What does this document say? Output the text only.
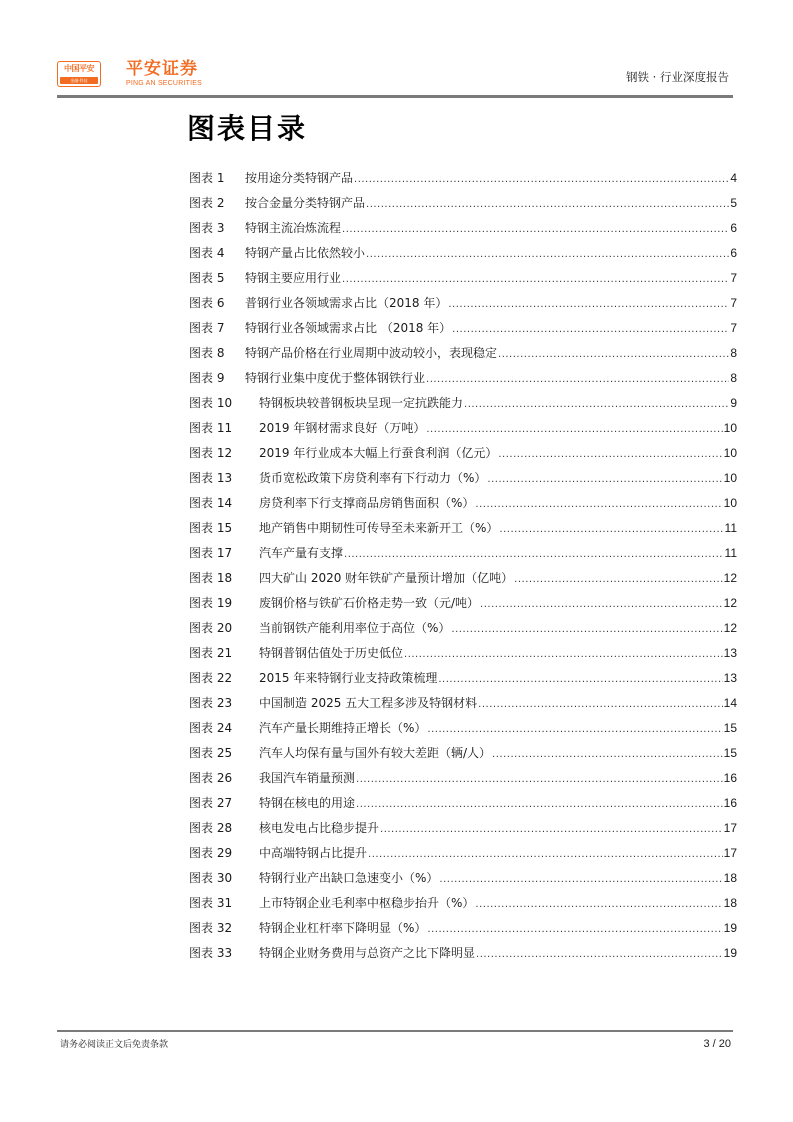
中国平安
金融·科技
平安证券
PING AN SECURITIES	钢铁 · 行业深度报告
图表目录
图表 1	按用途分类特钢产品 .....	4
图表 2	按合金量分类特钢产品 .....	5
图表 3	特钢主流冶炼流程 .....	6
图表 4	特钢产量占比依然较小 .....	6
图表 5	特钢主要应用行业 .....	7
图表 6	普钢行业各领域需求占比（2018 年） .....	7
图表 7	特钢行业各领域需求占比 （2018 年） .....	7
图表 8	特钢产品价格在行业周期中波动较小，表现稳定 .....	8
图表 9	特钢行业集中度优于整体钢铁行业 .....	8
图表 10	特钢板块较普钢板块呈现一定抗跌能力 .....	9
图表 11	2019 年钢材需求良好（万吨） .....	10
图表 12	2019 年行业成本大幅上行蚕食利润（亿元） .....	10
图表 13	货币宽松政策下房贷利率有下行动力（%） .....	10
图表 14	房贷利率下行支撑商品房销售面积（%） .....	10
图表 15	地产销售中期韧性可传导至未来新开工（%） .....	11
图表 17	汽车产量有支撑 .....	11
图表 18	四大矿山 2020 财年铁矿产量预计增加（亿吨） .....	12
图表 19	废钢价格与铁矿石价格走势一致（元/吨） .....	12
图表 20	当前钢铁产能利用率位于高位（%） .....	12
图表 21	特钢普钢估值处于历史低位 .....	13
图表 22	2015 年来特钢行业支持政策梳理 .....	13
图表 23	中国制造 2025 五大工程多涉及特钢材料 .....	14
图表 24	汽车产量长期维持正增长（%） .....	15
图表 25	汽车人均保有量与国外有较大差距（辆/人） .....	15
图表 26	我国汽车销量预测 .....	16
图表 27	特钢在核电的用途 .....	16
图表 28	核电发电占比稳步提升 .....	17
图表 29	中高端特钢占比提升 .....	17
图表 30	特钢行业产出缺口急速变小（%） .....	18
图表 31	上市特钢企业毛利率中枢稳步抬升（%） .....	18
图表 32	特钢企业杠杆率下降明显（%） .....	19
图表 33	特钢企业财务费用与总资产之比下降明显 .....	19
请务必阅读正文后免责条款	3 / 20
